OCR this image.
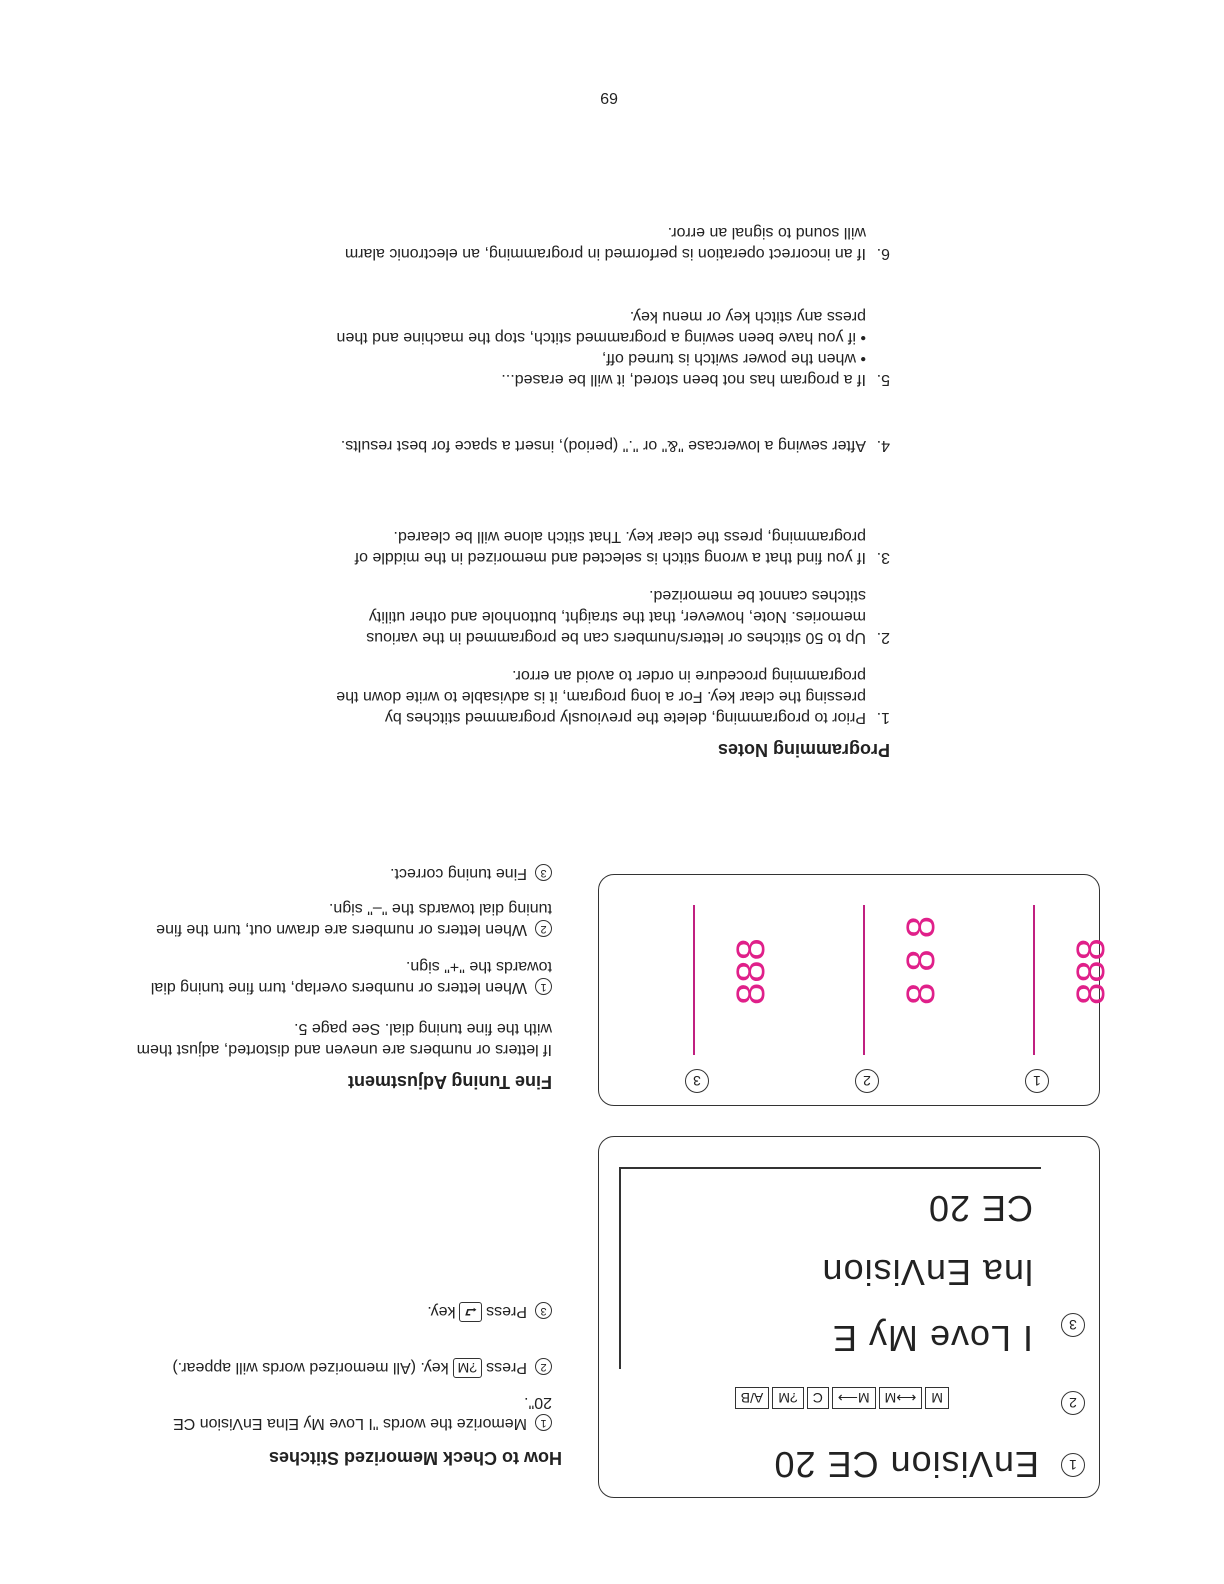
How to Check Memorized Stitches
1Memorize the words "I Love My Elna EnVision CE 20".
2Press?Mkey. (All memorized words will appear.)
3Press⮐key.
Fine Tuning Adjustment
If letters or numbers are uneven and distorted, adjust them with the fine tuning dial. See page 5.
1When letters or numbers overlap, turn fine tuning dial towards the "+" sign.
2When letters or numbers are drawn out, turn the fine tuning dial towards the "–" sign.
3Fine tuning correct.
1
EnVision CE 20
2
M⟷MM⟶C?MA/B
3
I Love My E
lna EnVision
CE 20
1
2
3
888
8 8 8
888
Programming Notes
1.
Prior to programming, delete the previously programmed stitches by pressing the clear key. For a long program, it is advisable to write down the programming procedure in order to avoid an error.
2.
Up to 50 stitches or letters/numbers can be programmed in the various memories. Note, however, that the straight, buttonhole and other utility stitches cannot be memorized.
3.
If you find that a wrong stitch is selected and memorized in the middle of programming, press the clear key. That stitch alone will be cleared.
4.
After sewing a lowercase "&" or "." (period), insert a space for best results.
5.
If a program has not been stored, it will be erased...
• when the power switch is turned off,
• if you have been sewing a programmed stitch, stop the machine and then press any stitch key or menu key.
6.
If an incorrect operation is performed in programming, an electronic alarm will sound to signal an error.
69
